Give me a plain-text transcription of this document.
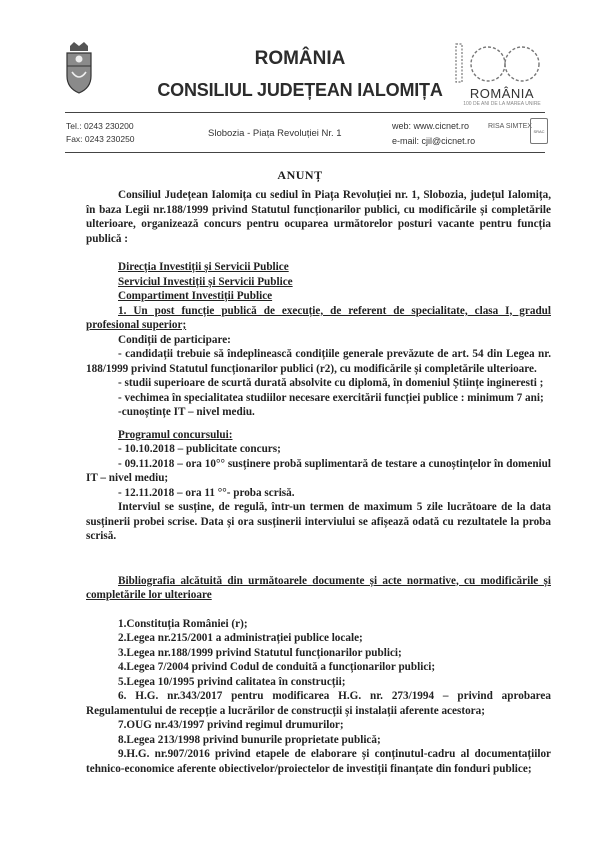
ROMÂNIA
CONSILIUL JUDEȚEAN IALOMIȚA	ROMÂNIA
100 DE ANI DE LA MAREA UNIRE
Tel.: 0243 230200
Fax: 0243 230250	Slobozia - Piața Revoluției Nr. 1
web: www.cicnet.ro
e-mail: cjil@cicnet.ro
RISA SIMTEX
SRAC
ANUNȚ

Consiliul Județean Ialomița cu sediul în Piața Revoluției nr. 1, Slobozia, județul Ialomița, în baza Legii nr.188/1999 privind Statutul funcționarilor publici, cu modificările și completările ulterioare, organizează concurs pentru ocuparea următorelor posturi vacante pentru funcția publică :

Direcția Investiții și Servicii Publice

Serviciul Investiții și Servicii Publice

Compartiment Investiții Publice

1. Un post funcție publică de execuție, de referent de specialitate, clasa I, gradul profesional superior;

Condiții de participare:

- candidații trebuie să îndeplinească condițiile generale prevăzute de art. 54 din Legea nr. 188/1999 privind Statutul funcționarilor publici (r2), cu modificările și completările ulterioare.

- studii superioare de scurtă durată absolvite cu diplomă, în domeniul Științe ingineresti ;

- vechimea în specialitatea studiilor necesare exercitării funcției publice : minimum 7 ani;

-cunoștințe IT – nivel mediu.

Programul concursului:

- 10.10.2018 – publicitate concurs;

- 09.11.2018 – ora 10°° susținere probă suplimentară de testare a cunoștințelor în domeniul IT – nivel mediu;

- 12.11.2018 – ora 11 °°- proba scrisă.

Interviul se susține, de regulă, într-un termen de maximum 5 zile lucrătoare de la data susținerii probei scrise. Data și ora susținerii interviului se afișează odată cu rezultatele la proba scrisă.

Bibliografia alcătuită din următoarele documente și acte normative, cu modificările și completările lor ulterioare

1.Constituția României (r);

2.Legea nr.215/2001 a administrației publice locale;

3.Legea nr.188/1999 privind Statutul funcționarilor publici;

4.Legea 7/2004 privind Codul de conduită a funcționarilor publici;

5.Legea 10/1995 privind calitatea în construcții;

6. H.G. nr.343/2017 pentru modificarea H.G. nr. 273/1994 – privind aprobarea Regulamentului de recepție a lucrărilor de construcții și instalații aferente acestora;

7.OUG nr.43/1997 privind regimul drumurilor;

8.Legea 213/1998 privind bunurile proprietate publică;

9.H.G. nr.907/2016 privind etapele de elaborare și conținutul-cadru al documentațiilor tehnico-economice aferente obiectivelor/proiectelor de investiții finanțate din fonduri publice;
